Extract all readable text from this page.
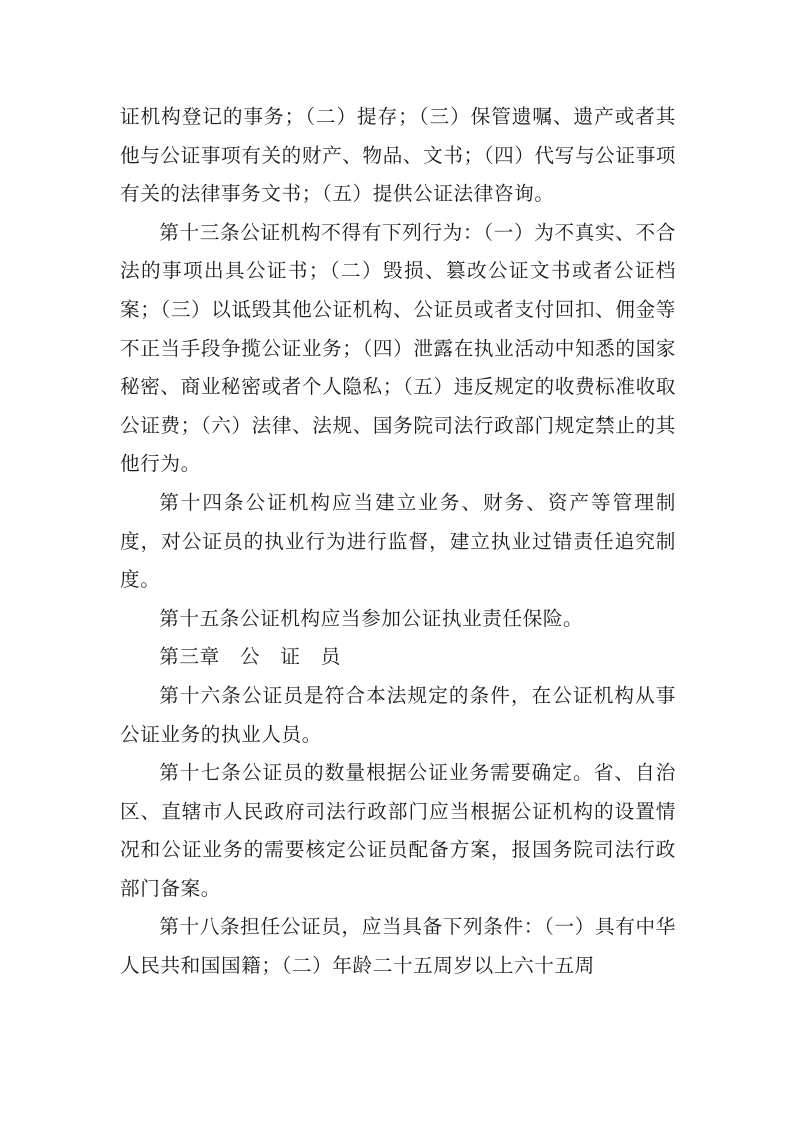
证机构登记的事务；（二）提存；（三）保管遗嘱、遗产或者其他与公证事项有关的财产、物品、文书；（四）代写与公证事项有关的法律事务文书；（五）提供公证法律咨询。

第十三条公证机构不得有下列行为：（一）为不真实、不合法的事项出具公证书；（二）毁损、篡改公证文书或者公证档案；（三）以诋毁其他公证机构、公证员或者支付回扣、佣金等不正当手段争揽公证业务；（四）泄露在执业活动中知悉的国家秘密、商业秘密或者个人隐私；（五）违反规定的收费标准收取公证费；（六）法律、法规、国务院司法行政部门规定禁止的其他行为。

第十四条公证机构应当建立业务、财务、资产等管理制度，对公证员的执业行为进行监督，建立执业过错责任追究制度。

第十五条公证机构应当参加公证执业责任保险。

第三章　公　证　员

第十六条公证员是符合本法规定的条件，在公证机构从事公证业务的执业人员。

第十七条公证员的数量根据公证业务需要确定。省、自治区、直辖市人民政府司法行政部门应当根据公证机构的设置情况和公证业务的需要核定公证员配备方案，报国务院司法行政部门备案。

第十八条担任公证员，应当具备下列条件：（一）具有中华人民共和国国籍；（二）年龄二十五周岁以上六十五周
